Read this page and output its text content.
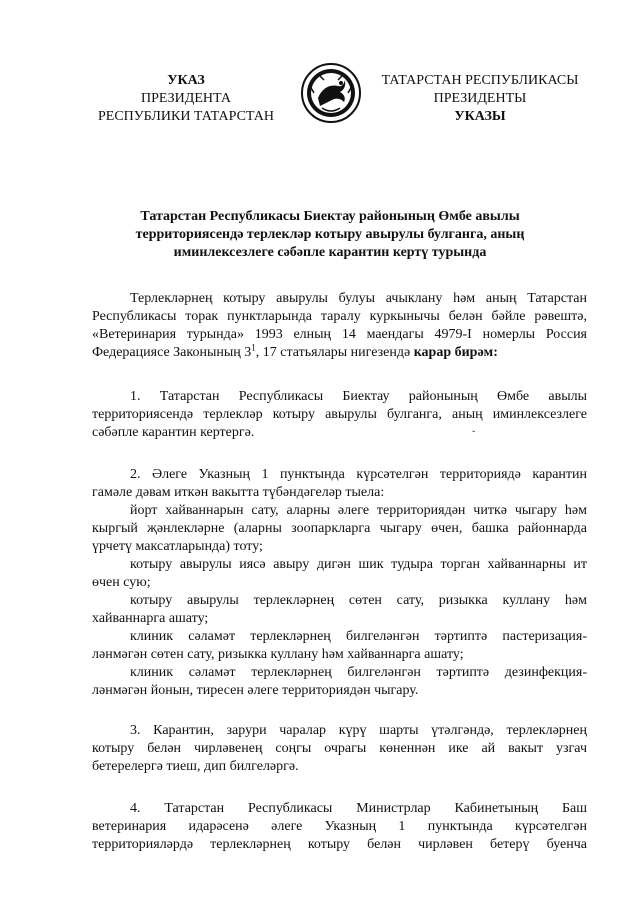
УКАЗ
ПРЕЗИДЕНТА
РЕСПУБЛИКИ ТАТАРСТАН
ТАТАРСТАН РЕСПУБЛИКАСЫ
ПРЕЗИДЕНТЫ
УКАЗЫ
Татарстан Республикасы Биектау районының Өмбе авылы
территориясендә терлекләр котыру авырулы булганга, аның
иминлексезлеге сәбәпле карантин кертү турында
Терлекләрнең котыру авырулы булуы ачыклану һәм аның Татарстан
Республикасы торак пунктларында таралу куркынычы белән бәйле рәвештә,
«Ветеринария турында» 1993 елның 14 маендагы 4979-I номерлы Россия
Федерациясе Законының $3^1$, 17 статьялары нигезендә карар бирәм:
1. Татарстан Республикасы Биектау районының Өмбе авылы
территориясендә терлекләр котыру авырулы булганга, аның иминлексезлеге
сәбәпле карантин кертергә.
2. Әлеге Указның 1 пунктында күрсәтелгән территориядә карантин
гамәле дәвам иткән вакытта түбәндәгеләр тыела:
йорт хайваннарын сату, аларны әлеге территориядән читкә чыгару һәм
кыргый җәнлекләрне (аларны зоопаркларга чыгару өчен, башка районнарда
үрчетү максатларында) тоту;
котыру авырулы иясә авыру дигән шик тудыра торган хайваннарны ит
өчен сую;
котыру авырулы терлекләрнең сөтен сату, ризыкка куллану һәм
хайваннарга ашату;
клиник сәламәт терлекләрнең билгеләнгән тәртиптә пастеризация-
ләнмәгән сөтен сату, ризыкка куллану һәм хайваннарга ашату;
клиник сәламәт терлекләрнең билгеләнгән тәртиптә дезинфекция-
ләнмәгән йонын, тиресен әлеге территориядән чыгару.
3. Карантин, зарури чаралар күрү шарты үтәлгәндә, терлекләрнең
котыру белән чирләвенең соңгы очрагы көненнән ике ай вакыт узгач
бетерелергә тиеш, дип билгеләргә.
4. Татарстан Республикасы Министрлар Кабинетының Баш
ветеринария идарәсенә әлеге Указның 1 пунктында күрсәтелгән
территорияләрдә терлекләрнең котыру белән чирләвен бетерү буенча
ˇ
